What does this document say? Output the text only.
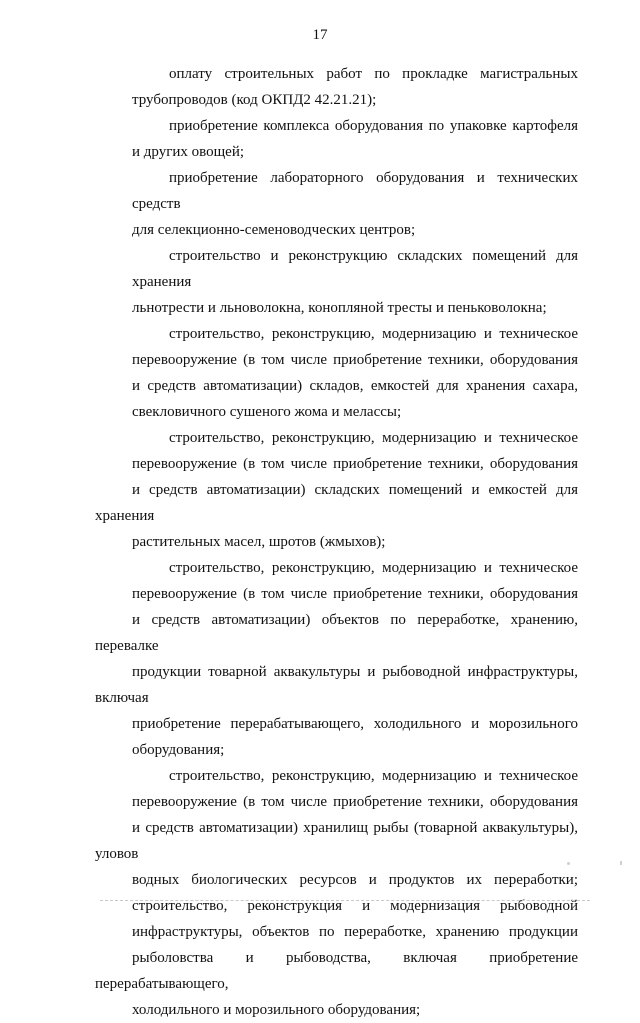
17
оплату строительных работ по прокладке магистральных
трубопроводов (код ОКПД2 42.21.21);
приобретение комплекса оборудования по упаковке картофеля
и других овощей;
приобретение лабораторного оборудования и технических средств
для селекционно-семеноводческих центров;
строительство и реконструкцию складских помещений для хранения
льнотрести и льноволокна, конопляной тресты и пеньковолокна;
строительство, реконструкцию, модернизацию и техническое
перевооружение (в том числе приобретение техники, оборудования
и средств автоматизации) складов, емкостей для хранения сахара,
свекловичного сушеного жома и мелассы;
строительство, реконструкцию, модернизацию и техническое
перевооружение (в том числе приобретение техники, оборудования
и средств автоматизации) складских помещений и емкостей для хранения
растительных масел, шротов (жмыхов);
строительство, реконструкцию, модернизацию и техническое
перевооружение (в том числе приобретение техники, оборудования
и средств автоматизации) объектов по переработке, хранению, перевалке
продукции товарной аквакультуры и рыбоводной инфраструктуры, включая
приобретение перерабатывающего, холодильного и морозильного
оборудования;
строительство, реконструкцию, модернизацию и техническое
перевооружение (в том числе приобретение техники, оборудования
и средств автоматизации) хранилищ рыбы (товарной аквакультуры), уловов
водных биологических ресурсов и продуктов их переработки;
строительство, реконструкция и модернизация рыбоводной
инфраструктуры, объектов по переработке, хранению продукции
рыболовства и рыбоводства, включая приобретение перерабатывающего,
холодильного и морозильного оборудования;
